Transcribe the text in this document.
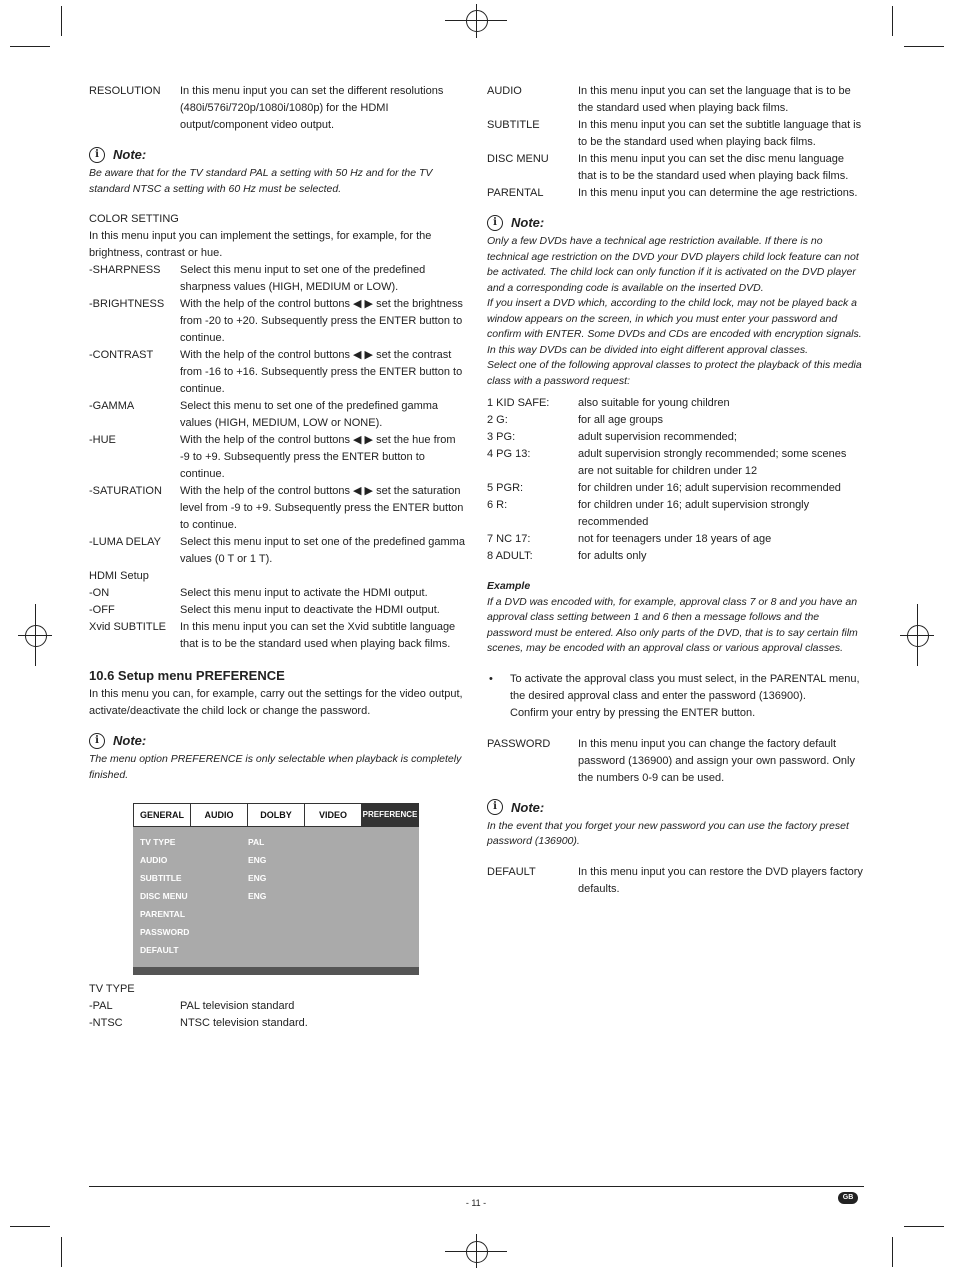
RESOLUTION	In this menu input you can set the different resolutions (480i/576i/720p/1080i/1080p) for the HDMI output/component video output.
i	Note:
Be aware that for the TV standard PAL a setting with 50 Hz and for the TV standard NTSC a setting with 60 Hz must be selected.
COLOR SETTING
In this menu input you can implement the settings, for example, for the brightness, contrast or hue.
-SHARPNESS	Select this menu input to set one of the predefined sharpness values (HIGH, MEDIUM or LOW).
-BRIGHTNESS	With the help of the control buttons ◀ ▶ set the brightness from -20 to +20. Subsequently press the ENTER button to continue.
-CONTRAST	With the help of the control buttons ◀ ▶ set the contrast from -16 to +16. Subsequently press the ENTER button to continue.
-GAMMA	Select this menu to set one of the predefined gamma values (HIGH, MEDIUM, LOW or NONE).
-HUE	With the help of the control buttons ◀ ▶ set the hue from -9 to +9. Subsequently press the ENTER button to continue.
-SATURATION	With the help of the control buttons ◀ ▶ set the saturation level from -9 to +9. Subsequently press the ENTER button to continue.
-LUMA DELAY	Select this menu input to set one of the predefined gamma values (0 T or 1 T).
HDMI Setup
-ON	Select this menu input to activate the HDMI output.
-OFF	Select this menu input to deactivate the HDMI output.
Xvid SUBTITLE	In this menu input you can set the Xvid subtitle language that is to be the standard used when playing back films.
10.6 Setup menu PREFERENCE
In this menu you can, for example, carry out the settings for the video output, activate/deactivate the child lock or change the password.
i	Note:
The menu option PREFERENCE is only selectable when playback is completely finished.
GENERAL	AUDIO	DOLBY	VIDEO	PREFERENCE
TV TYPE	PAL
AUDIO	ENG
SUBTITLE	ENG
DISC MENU	ENG
PARENTAL
PASSWORD
DEFAULT
TV TYPE
-PAL	PAL television standard
-NTSC	NTSC television standard.
AUDIO	In this menu input you can set the language that is to be the standard used when playing back films.
SUBTITLE	In this menu input you can set the subtitle language that is to be the standard used when playing back films.
DISC MENU	In this menu input you can set the disc menu language that is to be the standard used when playing back films.
PARENTAL	In this menu input you can determine the age restrictions.
i	Note:
Only a few DVDs have a technical age restriction available. If there is no technical age restriction on the DVD your DVD players child lock feature can not be activated. The child lock can only function if it is activated on the DVD player and a corresponding code is available on the inserted DVD.
If you insert a DVD which, according to the child lock, may not be played back a window appears on the screen, in which you must enter your password and confirm with ENTER. Some DVDs and CDs are encoded with encryption signals. In this way DVDs can be divided into eight different approval classes.
Select one of the following approval classes to protect the playback of this media class with a password request:
1 KID SAFE:	also suitable for young children
2 G:	for all age groups
3 PG:	adult supervision recommended;
4 PG 13:	adult supervision strongly recommended; some scenes are not suitable for children under 12
5 PGR:	for children under 16; adult supervision recommended
6 R:	for children under 16; adult supervision strongly recommended
7 NC 17:	not for teenagers under 18 years of age
8 ADULT:	for adults only
Example
If a DVD was encoded with, for example, approval class 7 or 8 and you have an approval class setting between 1 and 6 then a message follows and the password must be entered. Also only parts of the DVD, that is to say certain film scenes, may be encoded with an approval class or various approval classes.
• To activate the approval class you must select, in the PARENTAL menu, the desired approval class and enter the password (136900).
Confirm your entry by pressing the ENTER button.
PASSWORD	In this menu input you can change the factory default password (136900) and assign your own password. Only the numbers 0-9 can be used.
i	Note:
In the event that you forget your new password you can use the factory preset password (136900).
DEFAULT	In this menu input you can restore the DVD players factory defaults.
- 11 -
GB
